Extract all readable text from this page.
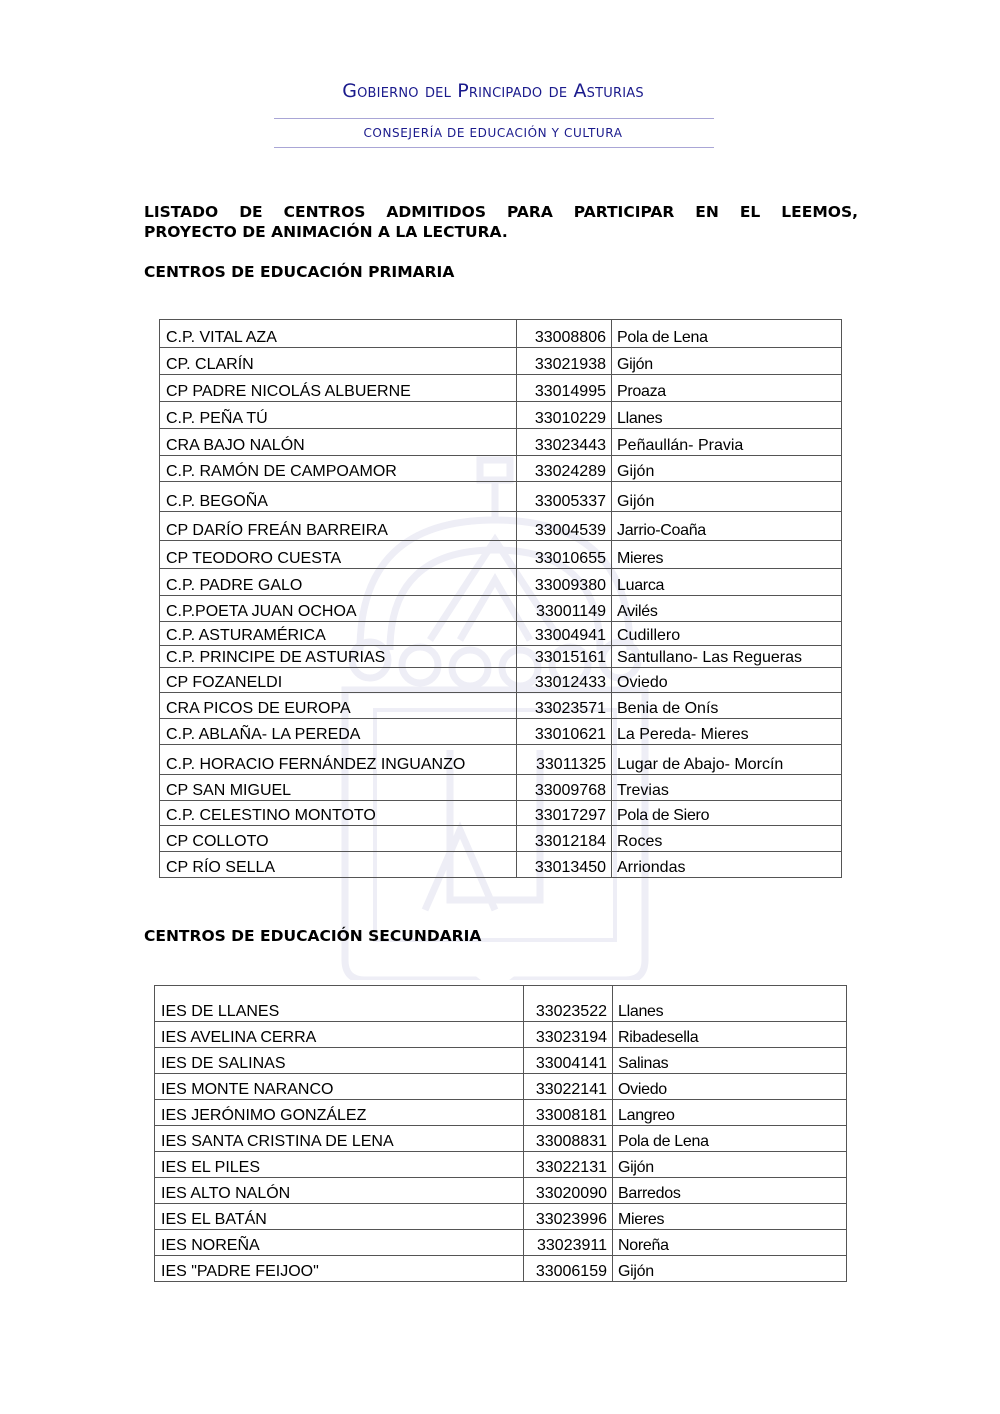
Gobierno del Principado de Asturias
CONSEJERÍA DE EDUCACIÓN Y CULTURA
LISTADO DE CENTROS ADMITIDOS PARA PARTICIPAR EN EL LEEMOS,
PROYECTO DE ANIMACIÓN A LA LECTURA.
CENTROS DE EDUCACIÓN PRIMARIA
C.P. VITAL AZA	33008806	Pola de Lena
CP. CLARÍN	33021938	Gijón
CP PADRE NICOLÁS ALBUERNE	33014995	Proaza
C.P. PEÑA TÚ	33010229	Llanes
CRA BAJO NALÓN	33023443	Peñaullán- Pravia
C.P. RAMÓN DE CAMPOAMOR	33024289	Gijón
C.P. BEGOÑA	33005337	Gijón
CP DARÍO FREÁN BARREIRA	33004539	Jarrio-Coaña
CP TEODORO CUESTA	33010655	Mieres
C.P. PADRE GALO	33009380	Luarca
C.P.POETA JUAN OCHOA	33001149	Avilés
C.P. ASTURAMÉRICA	33004941	Cudillero
C.P. PRINCIPE DE ASTURIAS	33015161	Santullano- Las Regueras
CP FOZANELDI	33012433	Oviedo
CRA PICOS DE EUROPA	33023571	Benia de Onís
C.P. ABLAÑA- LA PEREDA	33010621	La Pereda- Mieres
C.P. HORACIO FERNÁNDEZ INGUANZO	33011325	Lugar de Abajo- Morcín
CP SAN MIGUEL	33009768	Trevias
C.P. CELESTINO MONTOTO	33017297	Pola de Siero
CP COLLOTO	33012184	Roces
CP RÍO SELLA	33013450	Arriondas
CENTROS DE EDUCACIÓN SECUNDARIA
IES DE LLANES	33023522	Llanes
IES AVELINA CERRA	33023194	Ribadesella
IES DE SALINAS	33004141	Salinas
IES MONTE NARANCO	33022141	Oviedo
IES JERÓNIMO GONZÁLEZ	33008181	Langreo
IES SANTA CRISTINA DE LENA	33008831	Pola de Lena
IES EL PILES	33022131	Gijón
IES ALTO NALÓN	33020090	Barredos
IES EL BATÁN	33023996	Mieres
IES NOREÑA	33023911	Noreña
IES "PADRE FEIJOO"	33006159	Gijón
